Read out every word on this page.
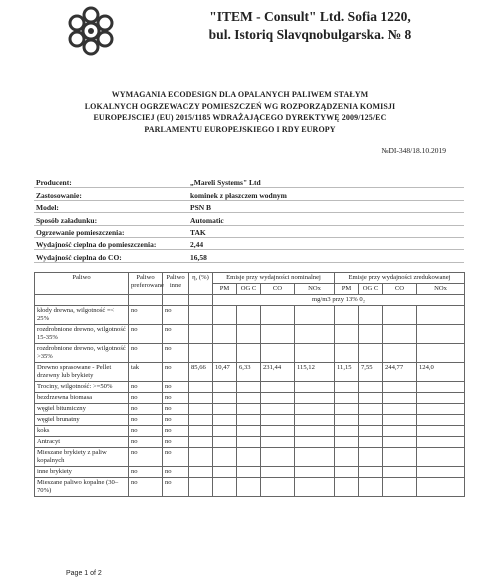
"ITEM - Consult" Ltd. Sofia 1220,
bul. Istoriq Slavqnobulgarska. № 8
WYMAGANIA ECODESIGN DLA OPALANYCH PALIWEM STAŁYM
LOKALNYCH OGRZEWACZY POMIESZCZEŃ WG ROZPORZĄDZENIA KOMISJI
EUROPEJSCIEJ (EU) 2015/1185 WDRAŻAJĄCEGO DYREKTYWĘ 2009/125/EC
PARLAMENTU EUROPEJSKIEGO I RDY EUROPY
№DI-348/18.10.2019
Producent:	„Mareli Systems" Ltd
Zastosowanie:	kominek z płaszczem wodnym
Model:	PSN B
Sposób załadunku:	Automatic
Ogrzewanie pomieszczenia:	TAK
Wydajność cieplna do pomieszczenia:	2,44
Wydajność cieplna do CO:	16,58
Paliwo	Paliwo preferowane	Paliwo inne	η, (%)	Emisje przy wydajności nominalnej				Emisje przy wydajności zredukowanej			
				PM	OG C	CO	NOx	PM	OG C	CO	NOx
				mg/m3 przy 13% 0₂							
kłody drewna, wilgotność =< 25%	no	no									
rozdrobnione drewno, wilgotność 15-35%	no	no									
rozdrobnione drewno, wilgotność >35%	no	no									
Drewno sprasowane - Pellet drzewny lub brykiety	tak	no	85,66	10,47	6,33	231,44	115,12	11,15	7,55	244,77	124,0
Trociny, wilgotność: >=50%	no	no									
bezdrzewna biomasa	no	no									
węgiel bitumiczny	no	no									
węgiel brunatny	no	no									
koks	no	no									
Antracyt	no	no									
Mieszane brykiety z paliw kopalnych	no	no									
inne brykiety	no	no									
Mieszane paliwo kopalne (30–70%)	no	no									
Page 1 of 2
